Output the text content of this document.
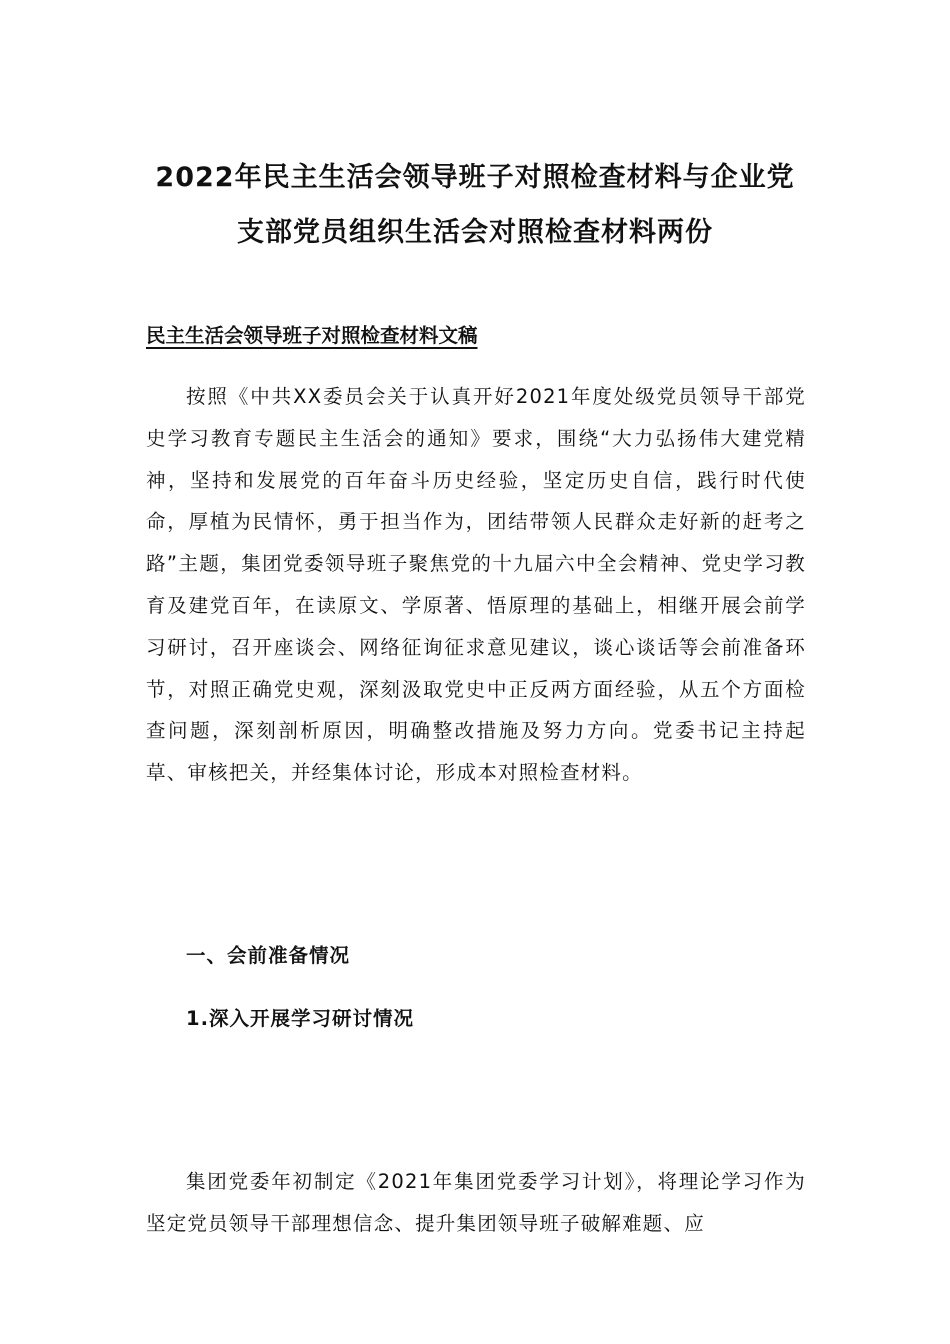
2022年民主生活会领导班子对照检查材料与企业党
支部党员组织生活会对照检查材料两份
民主生活会领导班子对照检查材料文稿

按照《中共XX委员会关于认真开好2021年度处级党员领导干部党史学习教育专题民主生活会的通知》要求，围绕“大力弘扬伟大建党精神，坚持和发展党的百年奋斗历史经验，坚定历史自信，践行时代使命，厚植为民情怀，勇于担当作为，团结带领人民群众走好新的赶考之路”主题，集团党委领导班子聚焦党的十九届六中全会精神、党史学习教育及建党百年，在读原文、学原著、悟原理的基础上，相继开展会前学习研讨，召开座谈会、网络征询征求意见建议，谈心谈话等会前准备环节，对照正确党史观，深刻汲取党史中正反两方面经验，从五个方面检查问题，深刻剖析原因，明确整改措施及努力方向。党委书记主持起草、审核把关，并经集体讨论，形成本对照检查材料。

一、会前准备情况
1.深入开展学习研讨情况

集团党委年初制定《2021年集团党委学习计划》，将理论学习作为坚定党员领导干部理想信念、提升集团领导班子破解难题、应
